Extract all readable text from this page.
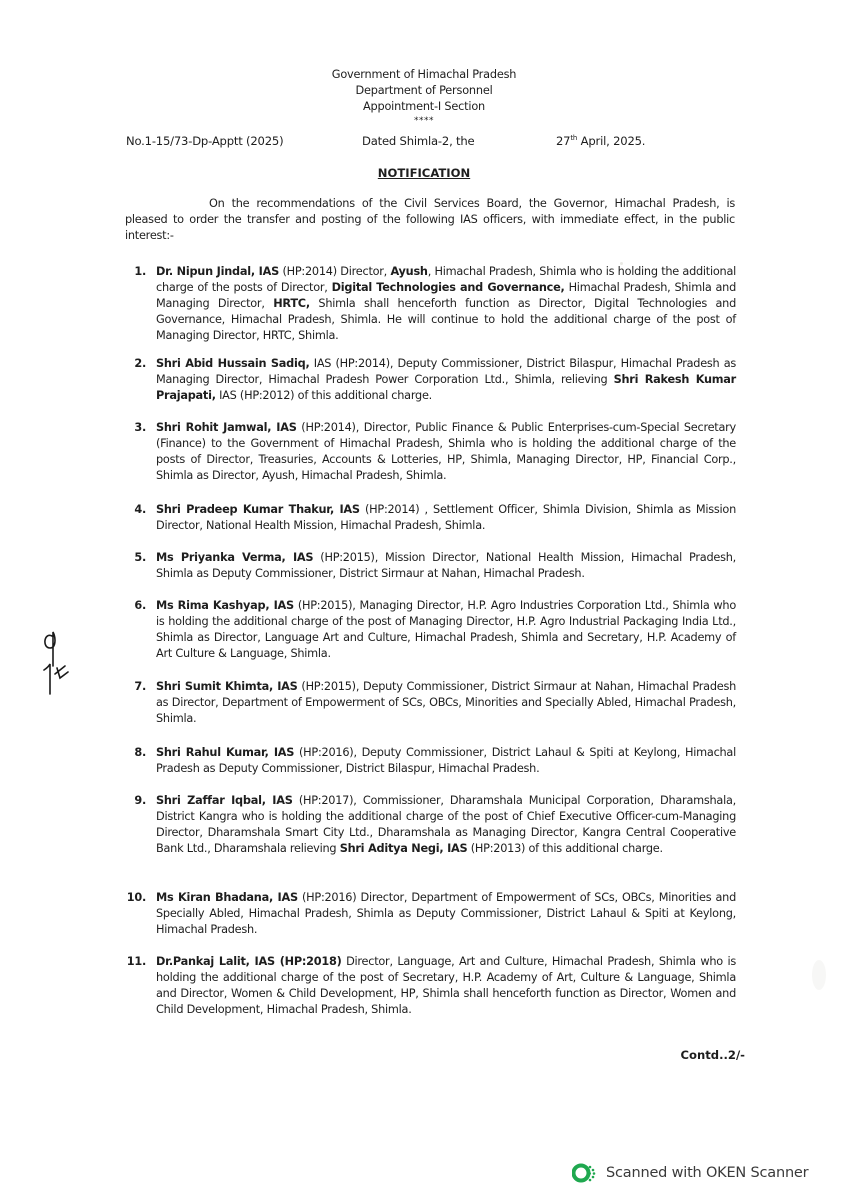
Government of Himachal Pradesh
Department of Personnel
Appointment-I Section
****
No.1-15/73-Dp-Apptt (2025)	Dated Shimla-2, the	27th April, 2025.
NOTIFICATION
On the recommendations of the Civil Services Board, the Governor, Himachal Pradesh, is pleased to order the transfer and posting of the following IAS officers, with immediate effect, in the public interest:-
1. Dr. Nipun Jindal, IAS (HP:2014) Director, Ayush, Himachal Pradesh, Shimla who is holding the additional charge of the posts of Director, Digital Technologies and Governance, Himachal Pradesh, Shimla and Managing Director, HRTC, Shimla shall henceforth function as Director, Digital Technologies and Governance, Himachal Pradesh, Shimla. He will continue to hold the additional charge of the post of Managing Director, HRTC, Shimla.
2. Shri Abid Hussain Sadiq, IAS (HP:2014), Deputy Commissioner, District Bilaspur, Himachal Pradesh as Managing Director, Himachal Pradesh Power Corporation Ltd., Shimla, relieving Shri Rakesh Kumar Prajapati, IAS (HP:2012) of this additional charge.
3. Shri Rohit Jamwal, IAS (HP:2014), Director, Public Finance & Public Enterprises-cum-Special Secretary (Finance) to the Government of Himachal Pradesh, Shimla who is holding the additional charge of the posts of Director, Treasuries, Accounts & Lotteries, HP, Shimla, Managing Director, HP, Financial Corp., Shimla as Director, Ayush, Himachal Pradesh, Shimla.
4. Shri Pradeep Kumar Thakur, IAS (HP:2014) , Settlement Officer, Shimla Division, Shimla as Mission Director, National Health Mission, Himachal Pradesh, Shimla.
5. Ms Priyanka Verma, IAS (HP:2015), Mission Director, National Health Mission, Himachal Pradesh, Shimla as Deputy Commissioner, District Sirmaur at Nahan, Himachal Pradesh.
6. Ms Rima Kashyap, IAS (HP:2015), Managing Director, H.P. Agro Industries Corporation Ltd., Shimla who is holding the additional charge of the post of Managing Director, H.P. Agro Industrial Packaging India Ltd., Shimla as Director, Language Art and Culture, Himachal Pradesh, Shimla and Secretary, H.P. Academy of Art Culture & Language, Shimla.
7. Shri Sumit Khimta, IAS (HP:2015), Deputy Commissioner, District Sirmaur at Nahan, Himachal Pradesh as Director, Department of Empowerment of SCs, OBCs, Minorities and Specially Abled, Himachal Pradesh, Shimla.
8. Shri Rahul Kumar, IAS (HP:2016), Deputy Commissioner, District Lahaul & Spiti at Keylong, Himachal Pradesh as Deputy Commissioner, District Bilaspur, Himachal Pradesh.
9. Shri Zaffar Iqbal, IAS (HP:2017), Commissioner, Dharamshala Municipal Corporation, Dharamshala, District Kangra who is holding the additional charge of the post of Chief Executive Officer-cum-Managing Director, Dharamshala Smart City Ltd., Dharamshala as Managing Director, Kangra Central Cooperative Bank Ltd., Dharamshala relieving Shri Aditya Negi, IAS (HP:2013) of this additional charge.
10. Ms Kiran Bhadana, IAS (HP:2016) Director, Department of Empowerment of SCs, OBCs, Minorities and Specially Abled, Himachal Pradesh, Shimla as Deputy Commissioner, District Lahaul & Spiti at Keylong, Himachal Pradesh.
11. Dr.Pankaj Lalit, IAS (HP:2018) Director, Language, Art and Culture, Himachal Pradesh, Shimla who is holding the additional charge of the post of Secretary, H.P. Academy of Art, Culture & Language, Shimla and Director, Women & Child Development, HP, Shimla shall henceforth function as Director, Women and Child Development, Himachal Pradesh, Shimla.
Contd..2/-
Scanned with OKEN Scanner
